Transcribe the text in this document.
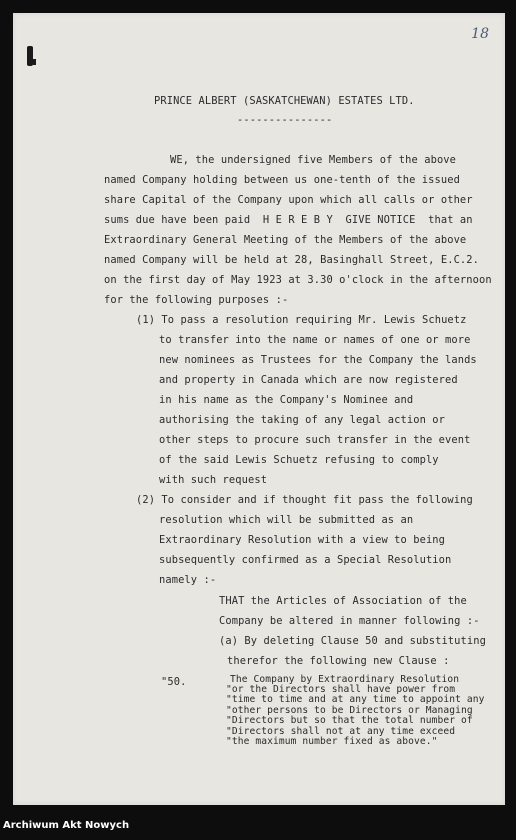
18
PRINCE ALBERT (SASKATCHEWAN) ESTATES LTD.
---------------
WE, the undersigned five Members of the above
named Company holding between us one-tenth of the issued
share Capital of the Company upon which all calls or other
sums due have been paid  H E R E B Y  GIVE NOTICE  that an
Extraordinary General Meeting of the Members of the above
named Company will be held at 28, Basinghall Street, E.C.2.
on the first day of May 1923 at 3.30 o'clock in the afternoon
for the following purposes :-
(1) To pass a resolution requiring Mr. Lewis Schuetz
to transfer into the name or names of one or more
new nominees as Trustees for the Company the lands
and property in Canada which are now registered
in his name as the Company's Nominee and
authorising the taking of any legal action or
other steps to procure such transfer in the event
of the said Lewis Schuetz refusing to comply
with such request
(2) To consider and if thought fit pass the following
resolution which will be submitted as an
Extraordinary Resolution with a view to being
subsequently confirmed as a Special Resolution
namely :-
THAT the Articles of Association of the
Company be altered in manner following :-
(a) By deleting Clause 50 and substituting
therefor the following new Clause :
"50.	The Company by Extraordinary Resolution
"or the Directors shall have power from
"time to time and at any time to appoint any
"other persons to be Directors or Managing
"Directors but so that the total number of
"Directors shall not at any time exceed
"the maximum number fixed as above."
Archiwum Akt Nowych
